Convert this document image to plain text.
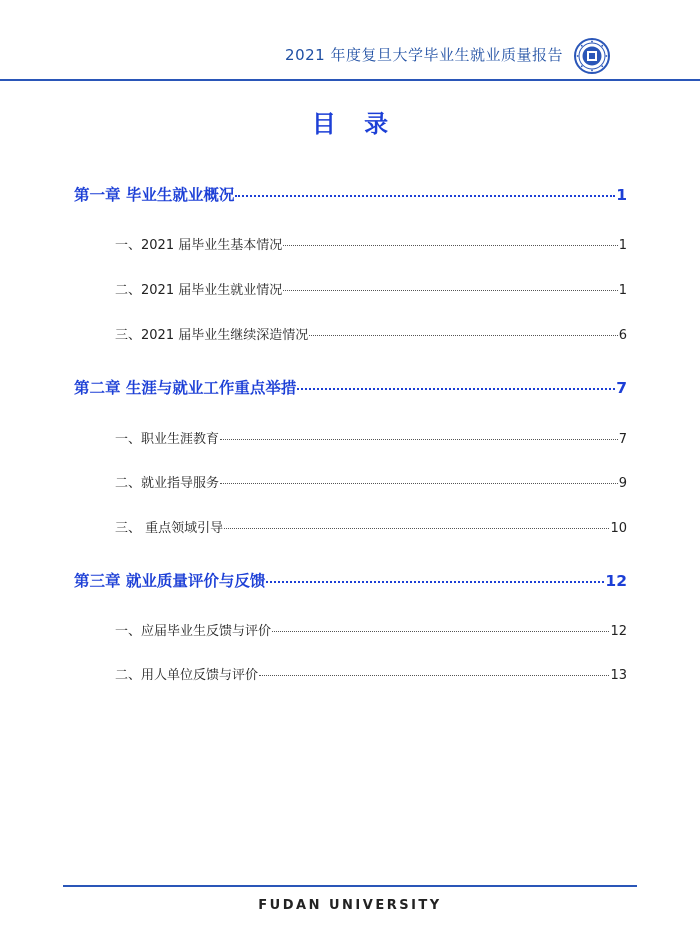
2021 年度复旦大学毕业生就业质量报告
目 录
第一章 毕业生就业概况	1
一、2021 届毕业生基本情况	1
二、2021 届毕业生就业情况	1
三、2021 届毕业生继续深造情况	6
第二章 生涯与就业工作重点举措	7
一、职业生涯教育	7
二、就业指导服务	9
三、 重点领域引导	10
第三章 就业质量评价与反馈	12
一、应届毕业生反馈与评价	12
二、用人单位反馈与评价	13
FUDAN UNIVERSITY
